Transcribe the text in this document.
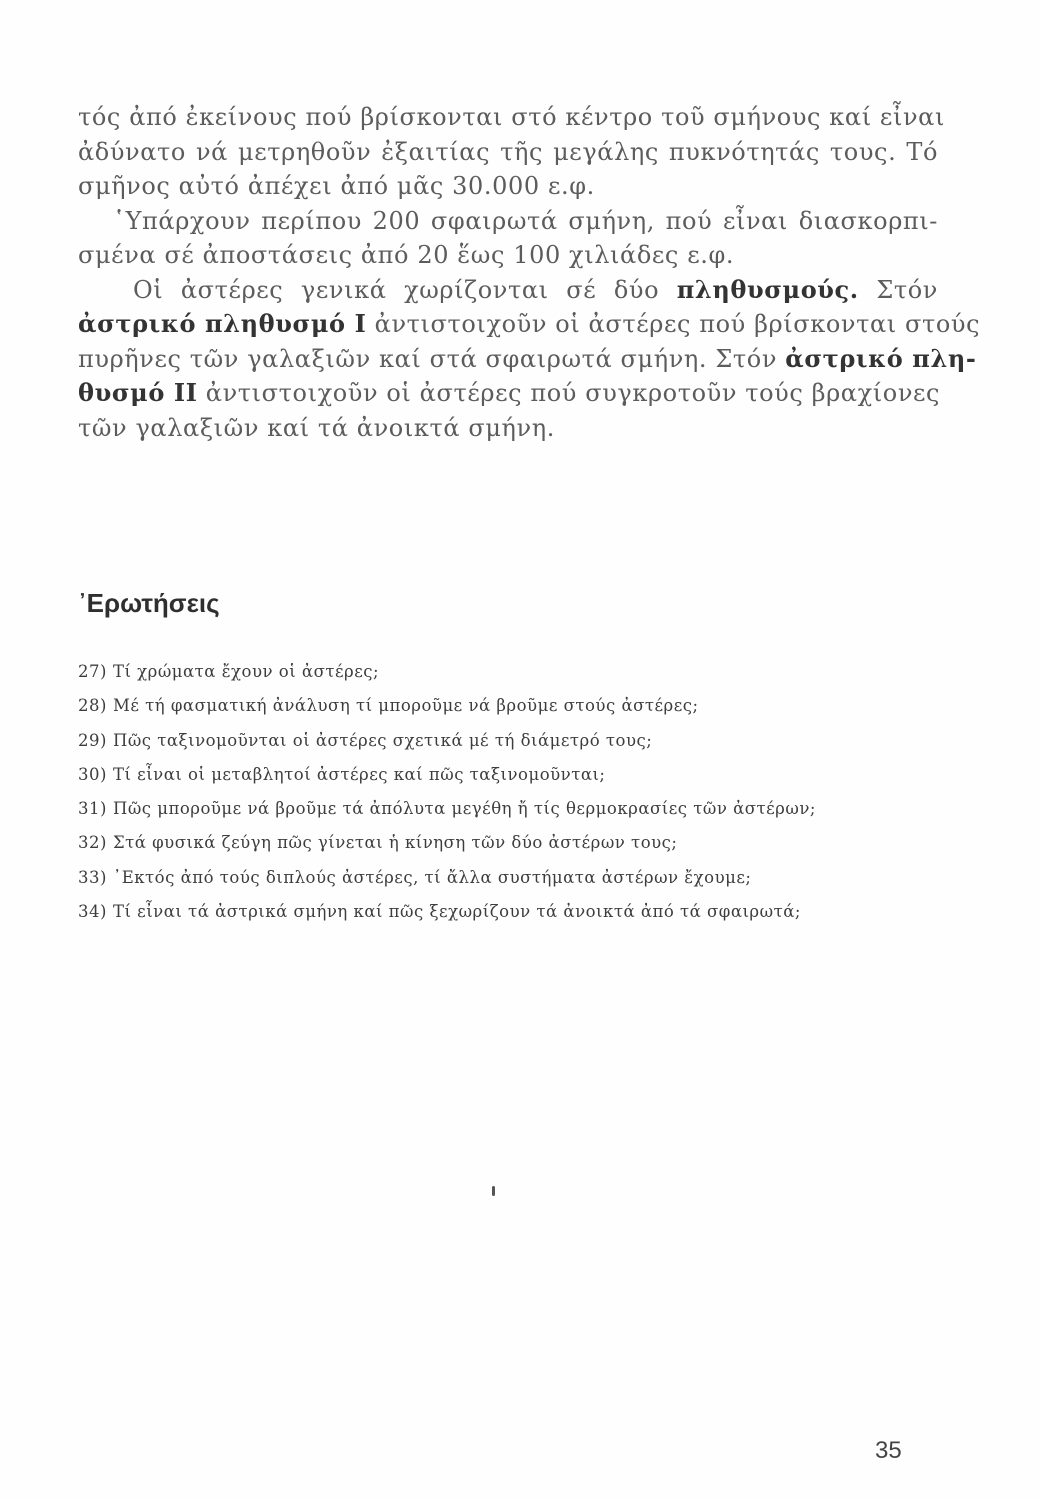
τός ἀπό ἐκείνους πού βρίσκονται στό κέντρο τοῦ σμήνους καί εἶναι
ἀδύνατο νά μετρηθοῦν ἐξαιτίας τῆς μεγάλης πυκνότητάς τους. Τό
σμῆνος αὐτό ἀπέχει ἀπό μᾶς 30.000 ε.φ.
῾Υπάρχουν περίπου 200 σφαιρωτά σμήνη, πού εἶναι διασκορπι-
σμένα σέ ἀποστάσεις ἀπό 20 ἕως 100 χιλιάδες ε.φ.
Οἱ ἀστέρες γενικά χωρίζονται σέ δύο πληθυσμούς. Στόν
ἀστρικό πληθυσμό Ι ἀντιστοιχοῦν οἱ ἀστέρες πού βρίσκονται στούς
πυρῆνες τῶν γαλαξιῶν καί στά σφαιρωτά σμήνη. Στόν ἀστρικό πλη-
θυσμό ΙΙ ἀντιστοιχοῦν οἱ ἀστέρες πού συγκροτοῦν τούς βραχίονες
τῶν γαλαξιῶν καί τά ἀνοικτά σμήνη.
᾿Ερωτήσεις
27) Τί χρώματα ἔχουν οἱ ἀστέρες;
28) Μέ τή φασματική ἀνάλυση τί μποροῦμε νά βροῦμε στούς ἀστέρες;
29) Πῶς ταξινομοῦνται οἱ ἀστέρες σχετικά μέ τή διάμετρό τους;
30) Τί εἶναι οἱ μεταβλητοί ἀστέρες καί πῶς ταξινομοῦνται;
31) Πῶς μποροῦμε νά βροῦμε τά ἀπόλυτα μεγέθη ἤ τίς θερμοκρασίες τῶν ἀστέρων;
32) Στά φυσικά ζεύγη πῶς γίνεται ἡ κίνηση τῶν δύο ἀστέρων τους;
33) ᾿Εκτός ἀπό τούς διπλούς ἀστέρες, τί ἄλλα συστήματα ἀστέρων ἔχουμε;
34) Τί εἶναι τά ἀστρικά σμήνη καί πῶς ξεχωρίζουν τά ἀνοικτά ἀπό τά σφαιρωτά;
35
